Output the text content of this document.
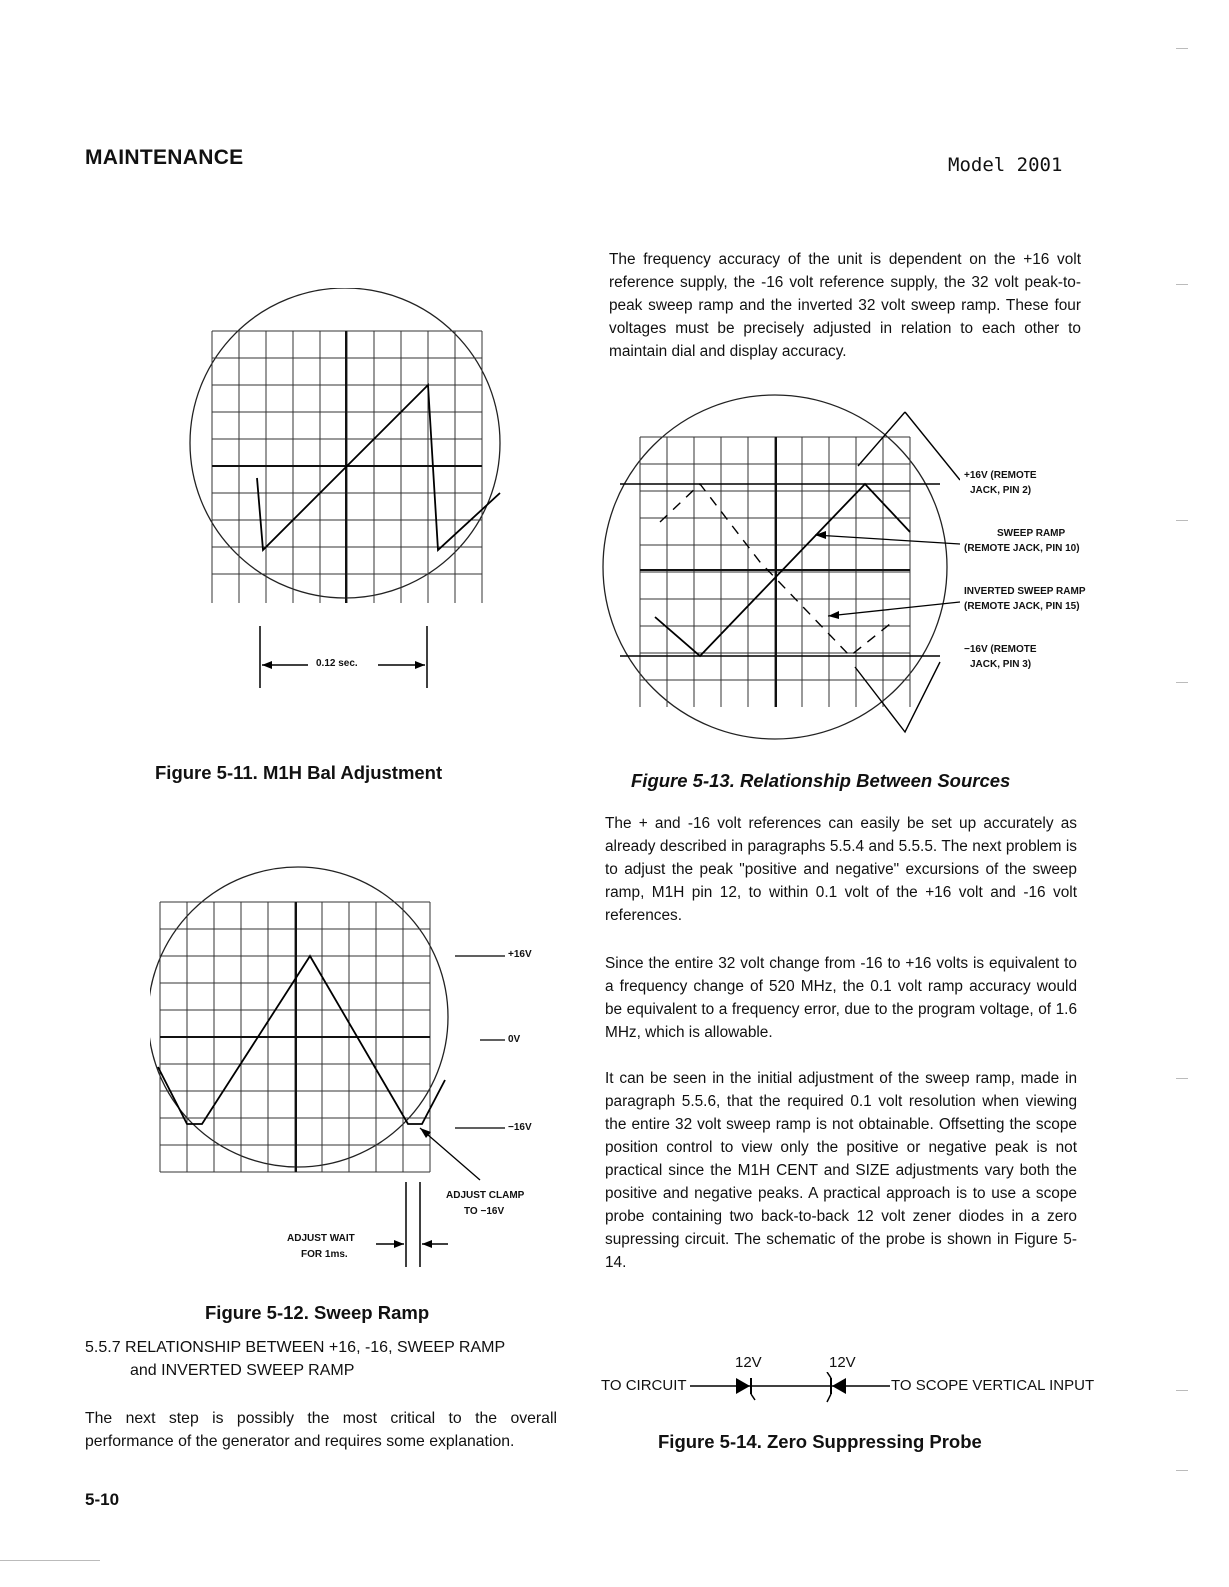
MAINTENANCE	Model 2001
The frequency accuracy of the unit is dependent on the +16 volt reference supply, the -16 volt reference supply, the 32 volt peak-to-peak sweep ramp and the inverted 32 volt sweep ramp. These four voltages must be precisely adjusted in relation to each other to maintain dial and display accuracy.
0.12 sec.
Figure 5-11. M1H Bal Adjustment
+16V
0V
−16V
ADJUST CLAMP
TO −16V
ADJUST WAIT
FOR 1ms.
Figure 5-12. Sweep Ramp
5.5.7 RELATIONSHIP BETWEEN +16, -16, SWEEP RAMP
and INVERTED SWEEP RAMP
The next step is possibly the most critical to the overall performance of the generator and requires some explanation.
+16V (REMOTE
JACK, PIN 2)
SWEEP RAMP
(REMOTE JACK, PIN 10)
INVERTED SWEEP RAMP
(REMOTE JACK, PIN 15)
−16V (REMOTE
JACK, PIN 3)
Figure 5-13. Relationship Between Sources
The + and -16 volt references can easily be set up accurately as already described in paragraphs 5.5.4 and 5.5.5. The next problem is to adjust the peak "positive and negative" excursions of the sweep ramp, M1H pin 12, to within 0.1 volt of the +16 volt and -16 volt references.
Since the entire 32 volt change from -16 to +16 volts is equivalent to a frequency change of 520 MHz, the 0.1 volt ramp accuracy would be equivalent to a frequency error, due to the program voltage, of 1.6 MHz, which is allowable.
It can be seen in the initial adjustment of the sweep ramp, made in paragraph 5.5.6, that the required 0.1 volt resolution when viewing the entire 32 volt sweep ramp is not obtainable. Offsetting the scope position control to view only the positive or negative peak is not practical since the M1H CENT and SIZE adjustments vary both the positive and negative peaks. A practical approach is to use a scope probe containing two back-to-back 12 volt zener diodes in a zero supressing circuit. The schematic of the probe is shown in Figure 5-14.
12V	12V
TO CIRCUIT	TO SCOPE VERTICAL INPUT
Figure 5-14. Zero Suppressing Probe
5-10
